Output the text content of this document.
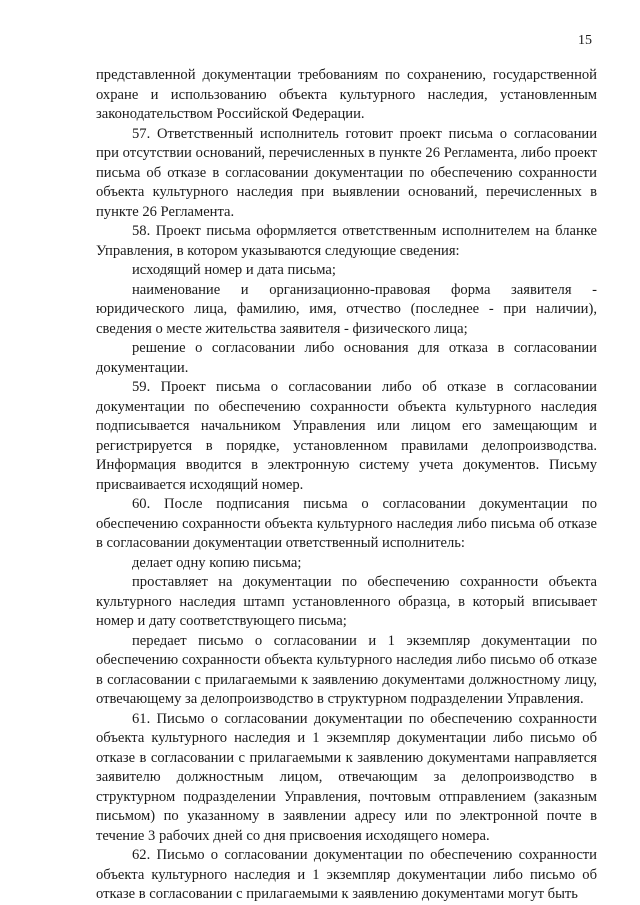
15

представленной документации требованиям по сохранению, государственной охране и использованию объекта культурного наследия, установленным законодательством Российской Федерации.

57. Ответственный исполнитель готовит проект письма о согласовании при отсутствии оснований, перечисленных в пункте 26 Регламента, либо проект письма об отказе в согласовании документации по обеспечению сохранности объекта культурного наследия при выявлении оснований, перечисленных в пункте 26 Регламента.

58. Проект письма оформляется ответственным исполнителем на бланке Управления, в котором указываются следующие сведения:

исходящий номер и дата письма;

наименование и организационно-правовая форма заявителя - юридического лица, фамилию, имя, отчество (последнее - при наличии), сведения о месте жительства заявителя - физического лица;

решение о согласовании либо основания для отказа в согласовании документации.

59. Проект письма о согласовании либо об отказе в согласовании документации по обеспечению сохранности объекта культурного наследия подписывается начальником Управления или лицом его замещающим и регистрируется в порядке, установленном правилами делопроизводства. Информация вводится в электронную систему учета документов. Письму присваивается исходящий номер.

60. После подписания письма о согласовании документации по обеспечению сохранности объекта культурного наследия либо письма об отказе в согласовании документации ответственный исполнитель:

делает одну копию письма;

проставляет на документации по обеспечению сохранности объекта культурного наследия штамп установленного образца, в который вписывает номер и дату соответствующего письма;

передает письмо о согласовании и 1 экземпляр документации по обеспечению сохранности объекта культурного наследия либо письмо об отказе в согласовании с прилагаемыми к заявлению документами должностному лицу, отвечающему за делопроизводство в структурном подразделении Управления.

61. Письмо о согласовании документации по обеспечению сохранности объекта культурного наследия и 1 экземпляр документации либо письмо об отказе в согласовании с прилагаемыми к заявлению документами направляется заявителю должностным лицом, отвечающим за делопроизводство в структурном подразделении Управления, почтовым отправлением (заказным письмом) по указанному в заявлении адресу или по электронной почте в течение 3 рабочих дней со дня присвоения исходящего номера.

62. Письмо о согласовании документации по обеспечению сохранности объекта культурного наследия и 1 экземпляр документации либо письмо об отказе в согласовании с прилагаемыми к заявлению документами могут быть
